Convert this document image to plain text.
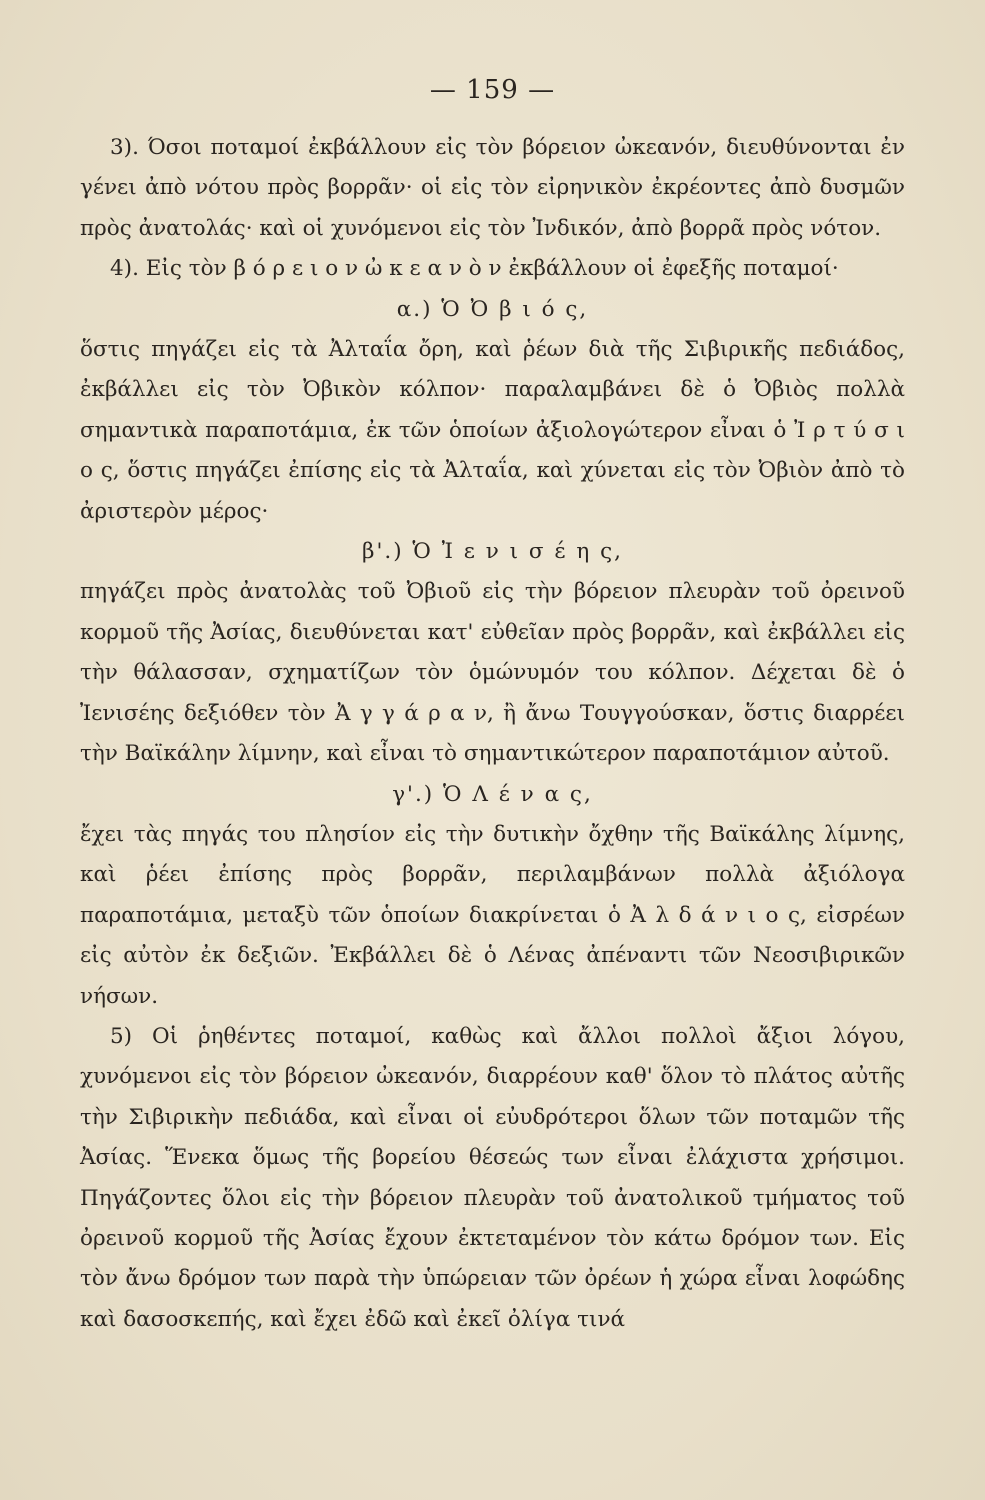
— 159 —

3). Όσοι ποταμοί ἐκβάλλουν εἰς τὸν βόρειον ὠκεανόν, διευθύνονται ἐν γένει ἀπὸ νότου πρὸς βορρᾶν· οἱ εἰς τὸν εἰρηνικὸν ἐκρέοντες ἀπὸ δυσμῶν πρὸς ἀνατολάς· καὶ οἱ χυνόμενοι εἰς τὸν Ἰνδικόν, ἀπὸ βορρᾶ πρὸς νότον.

4). Εἰς τὸν β ό ρ ε ι ο ν ὠ κ ε α ν ὸ ν ἐκβάλλουν οἱ ἐφεξῆς ποταμοί·

α.) Ὁ Ὀ β ι ό ς,

ὅστις πηγάζει εἰς τὰ Ἀλταΐα ὄρη, καὶ ῥέων διὰ τῆς Σιβιρικῆς πεδιάδος, ἐκβάλλει εἰς τὸν Ὀβικὸν κόλπον· παραλαμβάνει δὲ ὁ Ὀβιὸς πολλὰ σημαντικὰ παραποτάμια, ἐκ τῶν ὁποίων ἀξιολογώτερον εἶναι ὁ Ἰ ρ τ ύ σ ι ο ς, ὅστις πηγάζει ἐπίσης εἰς τὰ Ἀλταΐα, καὶ χύνεται εἰς τὸν Ὀβιὸν ἀπὸ τὸ ἀριστερὸν μέρος·

β'.) Ὁ Ἰ ε ν ι σ έ η ς,

πηγάζει πρὸς ἀνατολὰς τοῦ Ὀβιοῦ εἰς τὴν βόρειον πλευρὰν τοῦ ὀρεινοῦ κορμοῦ τῆς Ἀσίας, διευθύνεται κατ' εὐθεῖαν πρὸς βορρᾶν, καὶ ἐκβάλλει εἰς τὴν θάλασσαν, σχηματίζων τὸν ὁμώνυμόν του κόλπον. Δέχεται δὲ ὁ Ἰενισέης δεξιόθεν τὸν Ἀ γ γ ά ρ α ν, ἢ ἄνω Τουγγούσκαν, ὅστις διαρρέει τὴν Βαϊκάλην λίμνην, καὶ εἶναι τὸ σημαντικώτερον παραποτάμιον αὐτοῦ.

γ'.) Ὁ Λ έ ν α ς,

ἔχει τὰς πηγάς του πλησίον εἰς τὴν δυτικὴν ὄχθην τῆς Βαϊκάλης λίμνης, καὶ ῥέει ἐπίσης πρὸς βορρᾶν, περιλαμβάνων πολλὰ ἀξιόλογα παραποτάμια, μεταξὺ τῶν ὁποίων διακρίνεται ὁ Ἀ λ δ ά ν ι ο ς, εἰσρέων εἰς αὐτὸν ἐκ δεξιῶν. Ἐκβάλλει δὲ ὁ Λένας ἀπέναντι τῶν Νεοσιβιρικῶν νήσων.

5) Οἱ ῥηθέντες ποταμοί, καθὼς καὶ ἄλλοι πολλοὶ ἄξιοι λόγου, χυνόμενοι εἰς τὸν βόρειον ὠκεανόν, διαρρέουν καθ' ὅλον τὸ πλάτος αὐτῆς τὴν Σιβιρικὴν πεδιάδα, καὶ εἶναι οἱ εὐυδρότεροι ὅλων τῶν ποταμῶν τῆς Ἀσίας. Ἕνεκα ὅμως τῆς βορείου θέσεώς των εἶναι ἐλάχιστα χρήσιμοι. Πηγάζοντες ὅλοι εἰς τὴν βόρειον πλευρὰν τοῦ ἀνατολικοῦ τμήματος τοῦ ὀρεινοῦ κορμοῦ τῆς Ἀσίας ἔχουν ἐκτεταμένον τὸν κάτω δρόμον των. Εἰς τὸν ἄνω δρόμον των παρὰ τὴν ὑπώρειαν τῶν ὀρέων ἡ χώρα εἶναι λοφώδης καὶ δασοσκεπής, καὶ ἔχει ἐδῶ καὶ ἐκεῖ ὀλίγα τινά
